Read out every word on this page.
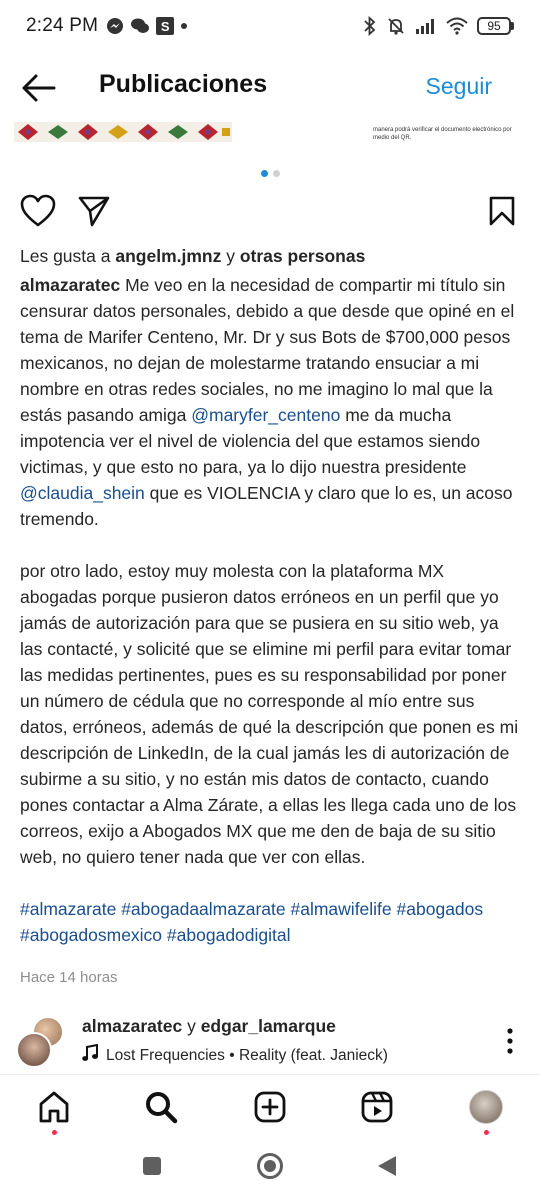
2:24 PM	S	95
Publicaciones	Seguir
manera podrá verificar el documento electrónico por medio del QR.
Les gusta a angelm.jmnz y otras personas

almazaratec Me veo en la necesidad de compartir mi título sin censurar datos personales, debido a que desde que opiné en el tema de Marifer Centeno, Mr. Dr y sus Bots de $700,000 pesos mexicanos, no dejan de molestarme tratando ensuciar a mi nombre en otras redes sociales, no me imagino lo mal que la estás pasando amiga @maryfer_centeno me da mucha impotencia ver el nivel de violencia del que estamos siendo victimas, y que esto no para, ya lo dijo nuestra presidente @claudia_shein que es VIOLENCIA y claro que lo es, un acoso tremendo.

por otro lado, estoy muy molesta con la plataforma MX abogadas porque pusieron datos erróneos en un perfil que yo jamás de autorización para que se pusiera en su sitio web, ya las contacté, y solicité que se elimine mi perfil para evitar tomar las medidas pertinentes, pues es su responsabilidad por poner un número de cédula que no corresponde al mío entre sus datos, erróneos, además de qué la descripción que ponen es mi descripción de LinkedIn, de la cual jamás les di autorización de subirme a su sitio, y no están mis datos de contacto, cuando pones contactar a Alma Zárate, a ellas les llega cada uno de los correos, exijo a Abogados MX que me den de baja de su sitio web, no quiero tener nada que ver con ellas.

#almazarate #abogadaalmazarate #almawifelife #abogados #abogadosmexico #abogadodigital

Hace 14 horas
almazaratec y edgar_lamarque
Lost Frequencies • Reality (feat. Janieck)
